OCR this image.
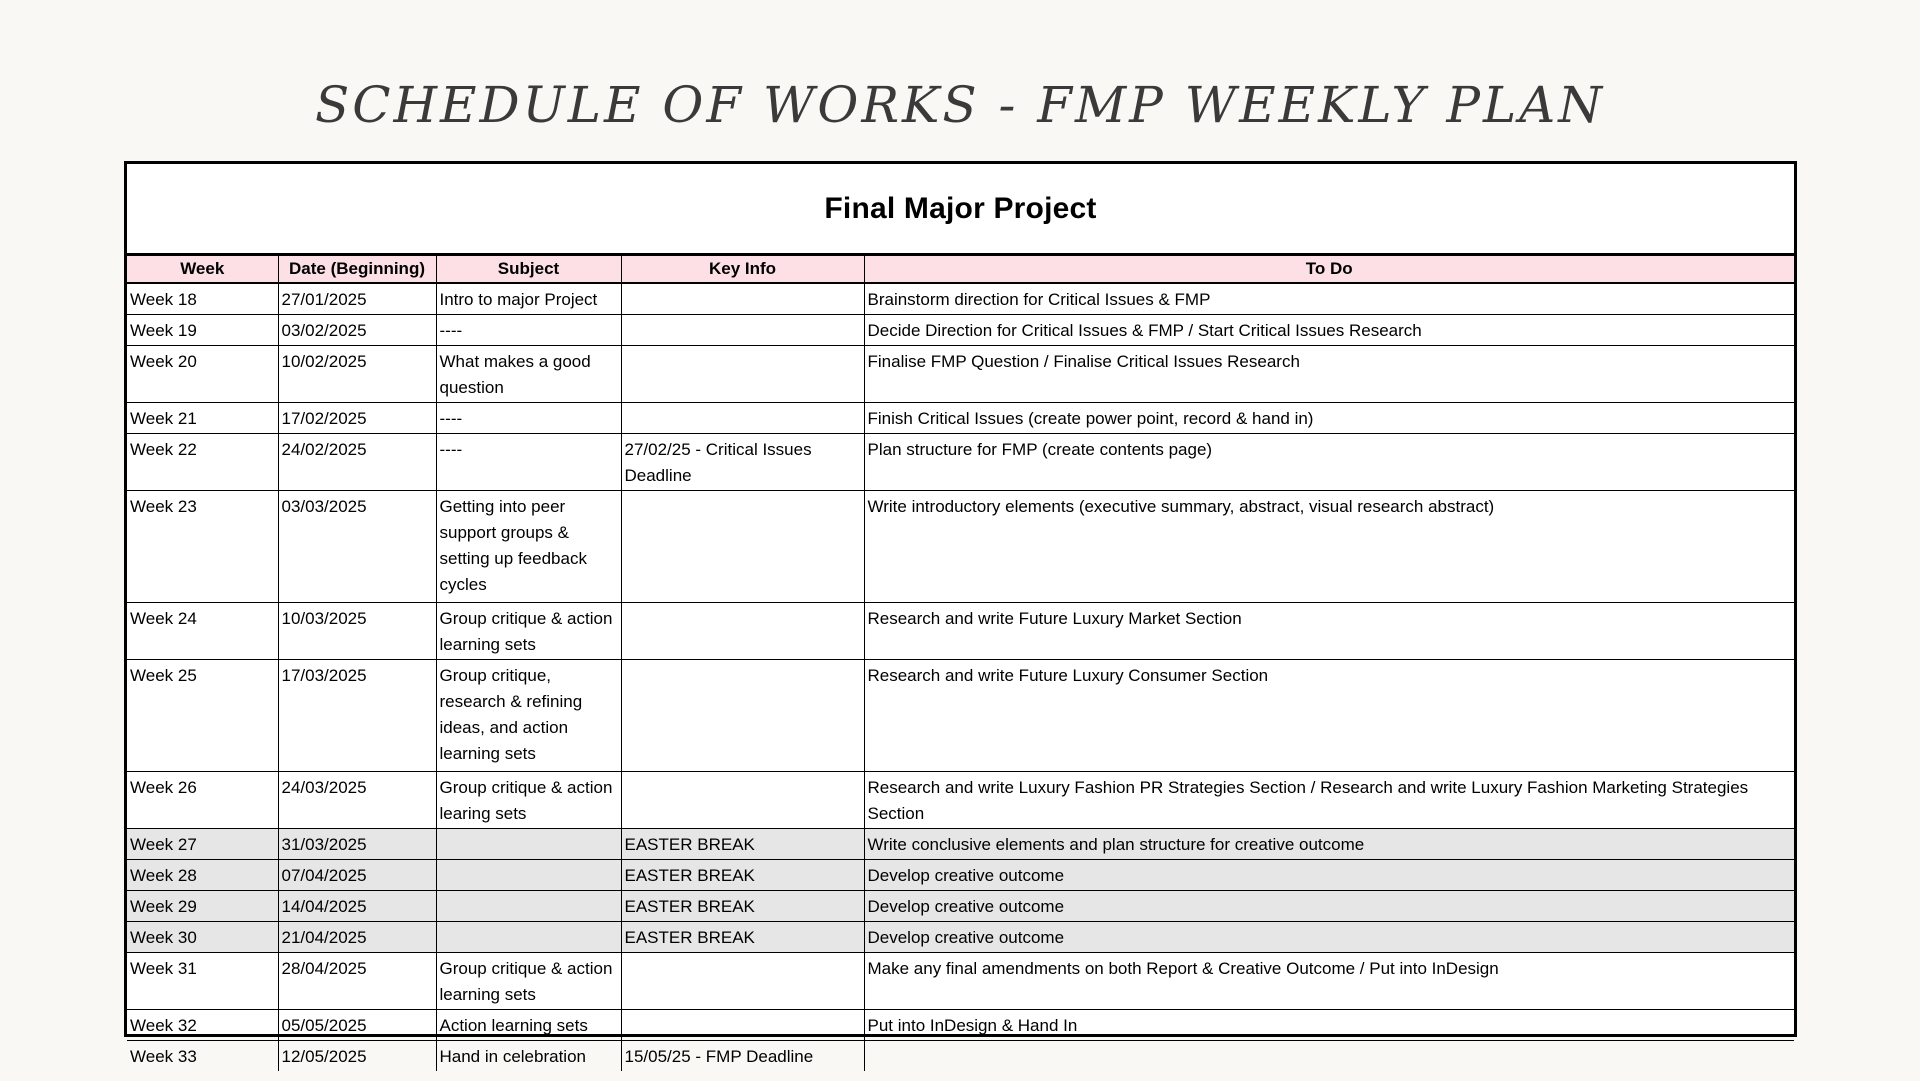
SCHEDULE OF WORKS - FMP WEEKLY PLAN
Final Major Project
Week	Date (Beginning)	Subject	Key Info	To Do
Week 18	27/01/2025	Intro to major Project		Brainstorm direction for Critical Issues & FMP
Week 19	03/02/2025	----		Decide Direction for Critical Issues & FMP / Start Critical Issues Research
Week 20	10/02/2025	What makes a good question		Finalise FMP Question / Finalise Critical Issues Research
Week 21	17/02/2025	----		Finish Critical Issues (create power point, record & hand in)
Week 22	24/02/2025	----	27/02/25 - Critical Issues Deadline	Plan structure for FMP (create contents page)
Week 23	03/03/2025	Getting into peer support groups & setting up feedback cycles		Write introductory elements (executive summary, abstract, visual research abstract)
Week 24	10/03/2025	Group critique & action learning sets		Research and write Future Luxury Market Section
Week 25	17/03/2025	Group critique, research & refining ideas, and action learning sets		Research and write Future Luxury Consumer Section
Week 26	24/03/2025	Group critique & action learing sets		Research and write Luxury Fashion PR Strategies Section / Research and write Luxury Fashion Marketing Strategies Section
Week 27	31/03/2025		EASTER BREAK	Write conclusive elements and plan structure for creative outcome
Week 28	07/04/2025		EASTER BREAK	Develop creative outcome
Week 29	14/04/2025		EASTER BREAK	Develop creative outcome
Week 30	21/04/2025		EASTER BREAK	Develop creative outcome
Week 31	28/04/2025	Group critique & action learning sets		Make any final amendments on both Report & Creative Outcome / Put into InDesign
Week 32	05/05/2025	Action learning sets		Put into InDesign & Hand In
Week 33	12/05/2025	Hand in celebration	15/05/25 - FMP Deadline	
